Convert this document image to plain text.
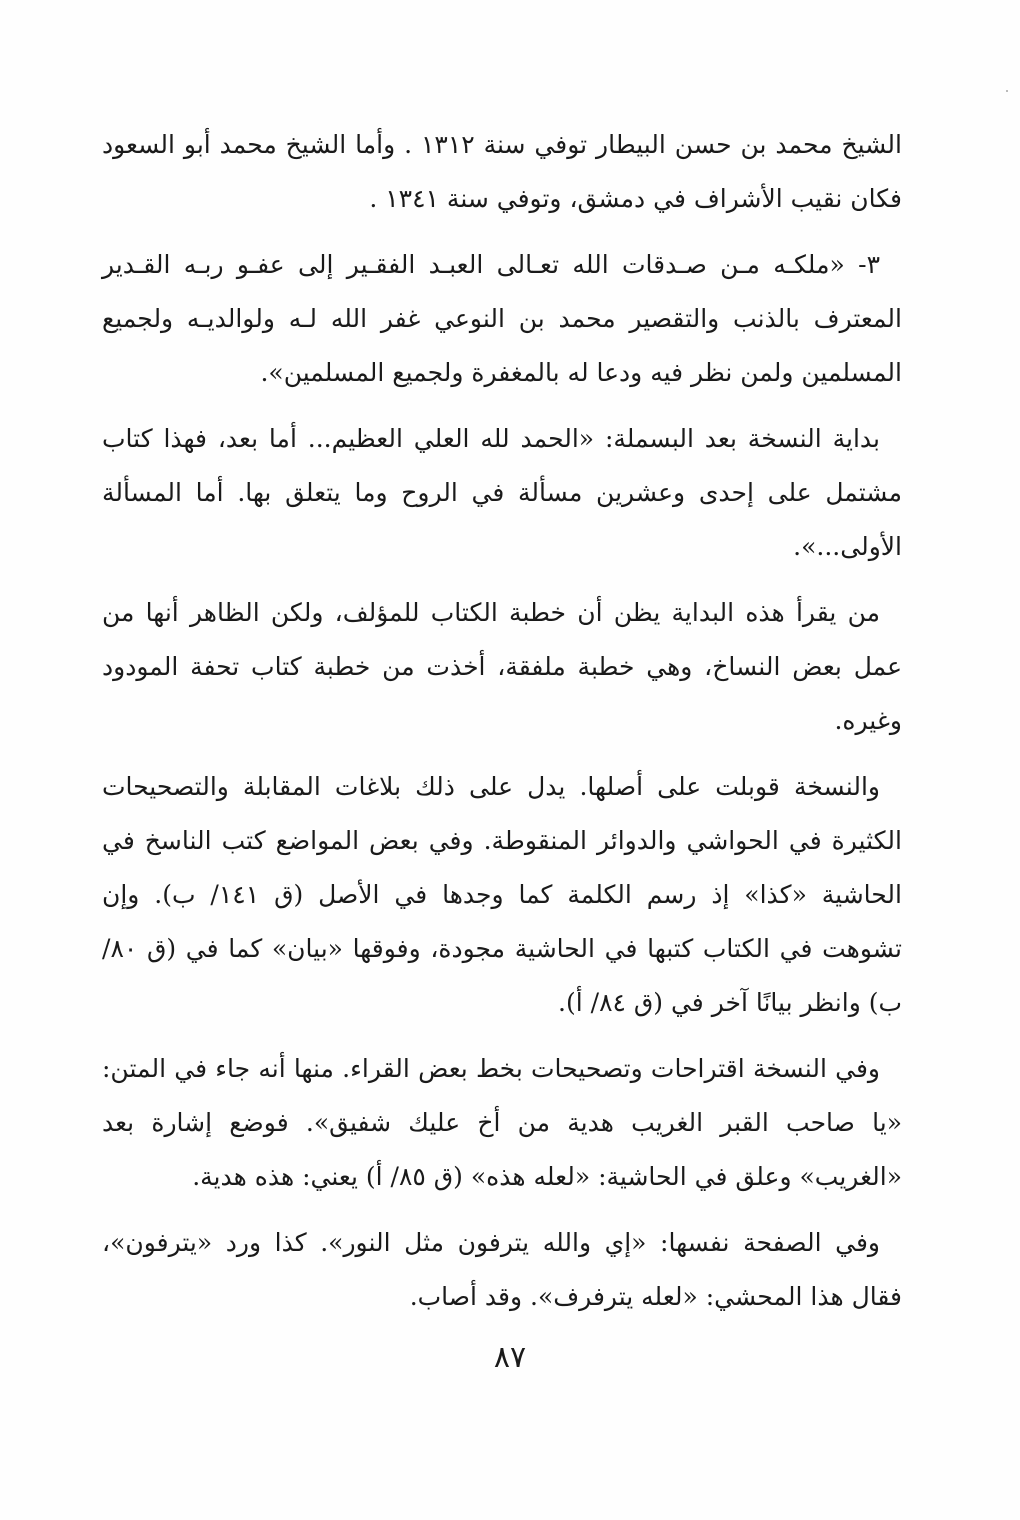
الشيخ محمد بن حسن البيطار توفي سنة ١٣١٢ . وأما الشيخ محمد أبو السعود فكان نقيب الأشراف في دمشق، وتوفي سنة ١٣٤١ .

٣- «ملكـه مـن صـدقات الله تعـالى العبـد الفقـير إلى عفـو ربـه القـدير المعترف بالذنب والتقصير محمد بن النوعي غفر الله لـه ولوالديـه ولجميع المسلمين ولمن نظر فيه ودعا له بالمغفرة ولجميع المسلمين».

بداية النسخة بعد البسملة: «الحمد لله العلي العظيم... أما بعد، فهذا كتاب مشتمل على إحدى وعشرين مسألة في الروح وما يتعلق بها. أما المسألة الأولى...».

من يقرأ هذه البداية يظن أن خطبة الكتاب للمؤلف، ولكن الظاهر أنها من عمل بعض النساخ، وهي خطبة ملفقة، أخذت من خطبة كتاب تحفة المودود وغيره.

والنسخة قوبلت على أصلها. يدل على ذلك بلاغات المقابلة والتصحيحات الكثيرة في الحواشي والدوائر المنقوطة. وفي بعض المواضع كتب الناسخ في الحاشية «كذا» إذ رسم الكلمة كما وجدها في الأصل (ق ١٤١/ ب). وإن تشوهت في الكتاب كتبها في الحاشية مجودة، وفوقها «بيان» كما في (ق ٨٠/ ب) وانظر بيانًا آخر في (ق ٨٤/ أ).

وفي النسخة اقتراحات وتصحيحات بخط بعض القراء. منها أنه جاء في المتن: «يا صاحب القبر الغريب هدية من أخ عليك شفيق». فوضع إشارة بعد «الغريب» وعلق في الحاشية: «لعله هذه» (ق ٨٥/ أ) يعني: هذه هدية.

وفي الصفحة نفسها: «إي والله يترفون مثل النور». كذا ورد «يترفون»، فقال هذا المحشي: «لعله يترفرف». وقد أصاب.

٨٧
